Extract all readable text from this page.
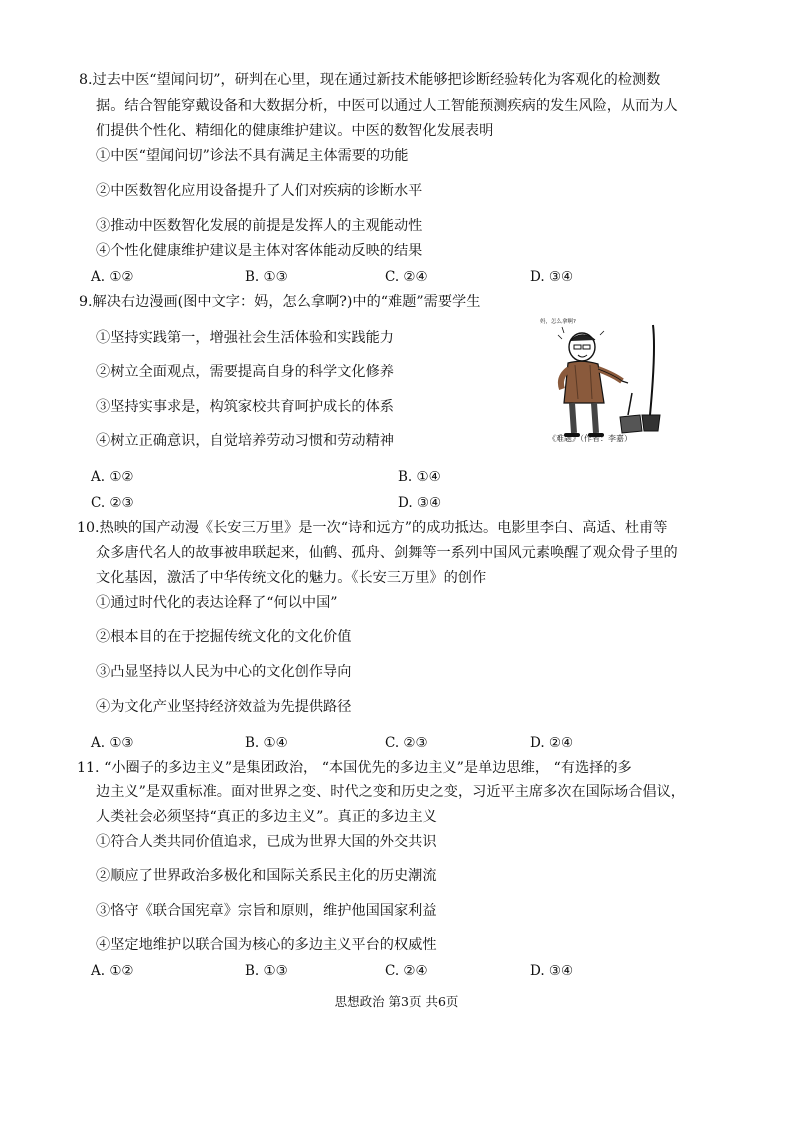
8.过去中医“望闻问切”，研判在心里，现在通过新技术能够把诊断经验转化为客观化的检测数
据。结合智能穿戴设备和大数据分析，中医可以通过人工智能预测疾病的发生风险，从而为人
们提供个性化、精细化的健康维护建议。中医的数智化发展表明
①中医“望闻问切”诊法不具有满足主体需要的功能
②中医数智化应用设备提升了人们对疾病的诊断水平
③推动中医数智化发展的前提是发挥人的主观能动性
④个性化健康维护建议是主体对客体能动反映的结果
A. ①②	B. ①③	C. ②④	D. ③④
9.解决右边漫画(图中文字：妈，怎么拿啊?)中的“难题”需要学生
①坚持实践第一，增强社会生活体验和实践能力
②树立全面观点，需要提高自身的科学文化修养
③坚持实事求是，构筑家校共育呵护成长的体系
④树立正确意识，自觉培养劳动习惯和劳动精神
A. ①②	B. ①④
C. ②③	D. ③④
妈，怎么拿啊?
《难题》（作者：李嘉）
10.热映的国产动漫《长安三万里》是一次“诗和远方”的成功抵达。电影里李白、高适、杜甫等
众多唐代名人的故事被串联起来，仙鹤、孤舟、剑舞等一系列中国风元素唤醒了观众骨子里的
文化基因，激活了中华传统文化的魅力。《长安三万里》的创作
①通过时代化的表达诠释了“何以中国”
②根本目的在于挖掘传统文化的文化价值
③凸显坚持以人民为中心的文化创作导向
④为文化产业坚持经济效益为先提供路径
A. ①③	B. ①④	C. ②③	D. ②④
11. “小圈子的多边主义”是集团政治， “本国优先的多边主义”是单边思维， “有选择的多
边主义”是双重标准。面对世界之变、时代之变和历史之变，习近平主席多次在国际场合倡议，
人类社会必须坚持“真正的多边主义”。真正的多边主义
①符合人类共同价值追求，已成为世界大国的外交共识
②顺应了世界政治多极化和国际关系民主化的历史潮流
③恪守《联合国宪章》宗旨和原则，维护他国国家利益
④坚定地维护以联合国为核心的多边主义平台的权威性
A. ①②	B. ①③	C. ②④	D. ③④
思想政治 第3页 共6页
